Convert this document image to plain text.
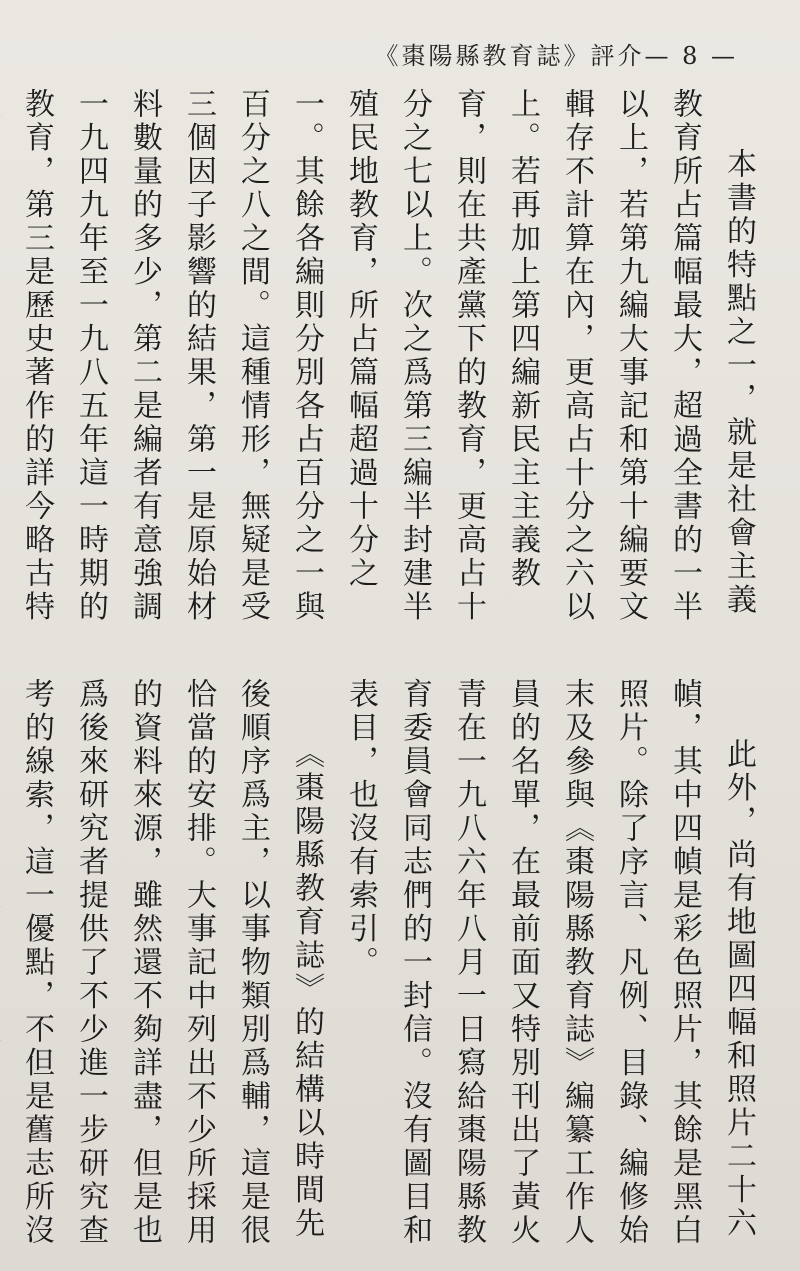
《棗陽縣教育誌》評介— 8 —

本書的特點之一，就是社會主義教育所占篇幅最大，超過全書的一半以上，若第九編大事記和第十編要文輯存不計算在內，更高占十分之六以上。若再加上第四編新民主主義教育，則在共產黨下的教育，更高占十分之七以上。次之爲第三編半封建半殖民地教育，所占篇幅超過十分之一。其餘各編則分別各占百分之一與百分之八之間。這種情形，無疑是受三個因子影響的結果，第一是原始材料數量的多少，第二是編者有意強調一九四九年至一九八五年這一時期的教育，第三是歷史著作的詳今略古特

此外，尚有地圖四幅和照片二十六幀，其中四幀是彩色照片，其餘是黑白照片。除了序言、凡例、目錄、編修始末及參與《棗陽縣教育誌》編纂工作人員的名單，在最前面又特別刊出了黃火青在一九八六年八月一日寫給棗陽縣教育委員會同志們的一封信。沒有圖目和表目，也沒有索引。

《棗陽縣教育誌》的結構以時間先後順序爲主，以事物類別爲輔，這是很恰當的安排。大事記中列出不少所採用的資料來源，雖然還不夠詳盡，但是也爲後來研究者提供了不少進一步研究查考的線索，這一優點，不但是舊志所沒
